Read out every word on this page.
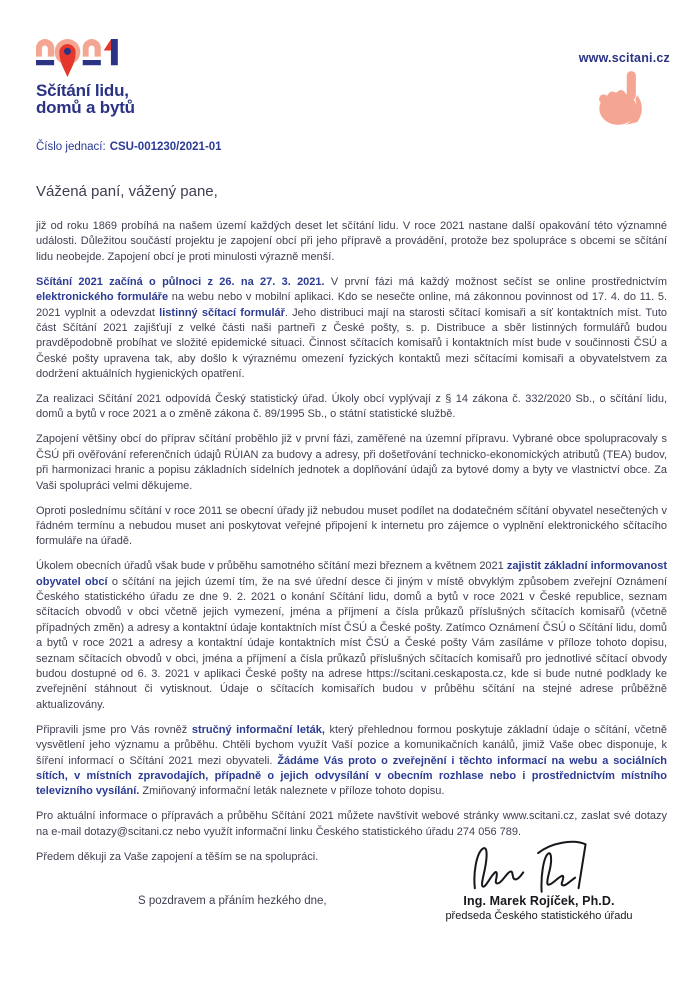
Sčítání lidu,
domů a bytů
www.scitani.cz
Číslo jednací: CSU-001230/2021-01
Vážená paní, vážený pane,

již od roku 1869 probíhá na našem území každých deset let sčítání lidu. V roce 2021 nastane další opakování této významné události. Důležitou součástí projektu je zapojení obcí při jeho přípravě a provádění, protože bez spolupráce s obcemi se sčítání lidu neobejde. Zapojení obcí je proti minulosti výrazně menší.

Sčítání 2021 začíná o půlnoci z 26. na 27. 3. 2021. V první fázi má každý možnost sečíst se online prostřednictvím elektronického formuláře na webu nebo v mobilní aplikaci. Kdo se nesečte online, má zákonnou povinnost od 17. 4. do 11. 5. 2021 vyplnit a odevzdat listinný sčítací formulář. Jeho distribuci mají na starosti sčítací komisaři a síť kontaktních míst. Tuto část Sčítání 2021 zajišťují z velké části naši partneři z České pošty, s. p. Distribuce a sběr listinných formulářů budou pravděpodobně probíhat ve složité epidemické situaci. Činnost sčítacích komisařů i kontaktních míst bude v součinnosti ČSÚ a České pošty upravena tak, aby došlo k výraznému omezení fyzických kontaktů mezi sčítacími komisaři a obyvatelstvem za dodržení aktuálních hygienických opatření.

Za realizaci Sčítání 2021 odpovídá Český statistický úřad. Úkoly obcí vyplývají z § 14 zákona č. 332/2020 Sb., o sčítání lidu, domů a bytů v roce 2021 a o změně zákona č. 89/1995 Sb., o státní statistické službě.

Zapojení většiny obcí do příprav sčítání proběhlo již v první fázi, zaměřené na územní přípravu. Vybrané obce spolupracovaly s ČSÚ při ověřování referenčních údajů RÚIAN za budovy a adresy, při došetřování technicko-ekonomických atributů (TEA) budov, při harmonizaci hranic a popisu základních sídelních jednotek a doplňování údajů za bytové domy a byty ve vlastnictví obce. Za Vaši spolupráci velmi děkujeme.

Oproti poslednímu sčítání v roce 2011 se obecní úřady již nebudou muset podílet na dodatečném sčítání obyvatel nesečtených v řádném termínu a nebudou muset ani poskytovat veřejné připojení k internetu pro zájemce o vyplnění elektronického sčítacího formuláře na úřadě.

Úkolem obecních úřadů však bude v průběhu samotného sčítání mezi březnem a květnem 2021 zajistit základní informovanost obyvatel obcí o sčítání na jejich území tím, že na své úřední desce či jiným v místě obvyklým způsobem zveřejní Oznámení Českého statistického úřadu ze dne 9. 2. 2021 o konání Sčítání lidu, domů a bytů v roce 2021 v České republice, seznam sčítacích obvodů v obci včetně jejich vymezení, jména a příjmení a čísla průkazů příslušných sčítacích komisařů (včetně případných změn) a adresy a kontaktní údaje kontaktních míst ČSÚ a České pošty. Zatímco Oznámení ČSÚ o Sčítání lidu, domů a bytů v roce 2021 a adresy a kontaktní údaje kontaktních míst ČSÚ a České pošty Vám zasíláme v příloze tohoto dopisu, seznam sčítacích obvodů v obci, jména a příjmení a čísla průkazů příslušných sčítacích komisařů pro jednotlivé sčítací obvody budou dostupné od 6. 3. 2021 v aplikaci České pošty na adrese https://scitani.ceskaposta.cz, kde si bude nutné podklady ke zveřejnění stáhnout či vytisknout. Údaje o sčítacích komisařích budou v průběhu sčítání na stejné adrese průběžně aktualizovány.

Připravili jsme pro Vás rovněž stručný informační leták, který přehlednou formou poskytuje základní údaje o sčítání, včetně vysvětlení jeho významu a průběhu. Chtěli bychom využít Vaší pozice a komunikačních kanálů, jimiž Vaše obec disponuje, k šíření informací o Sčítání 2021 mezi obyvateli. Žádáme Vás proto o zveřejnění i těchto informací na webu a sociálních sítích, v místních zpravodajích, případně o jejich odvysílání v obecním rozhlase nebo i prostřednictvím místního televizního vysílání. Zmiňovaný informační leták naleznete v příloze tohoto dopisu.

Pro aktuální informace o přípravách a průběhu Sčítání 2021 můžete navštívit webové stránky www.scitani.cz, zaslat své dotazy na e-mail dotazy@scitani.cz nebo využít informační linku Českého statistického úřadu 274 056 789.

Předem děkuji za Vaše zapojení a těším se na spolupráci.

S pozdravem a přáním hezkého dne,	Ing. Marek Rojíček, Ph.D.
předseda Českého statistického úřadu
